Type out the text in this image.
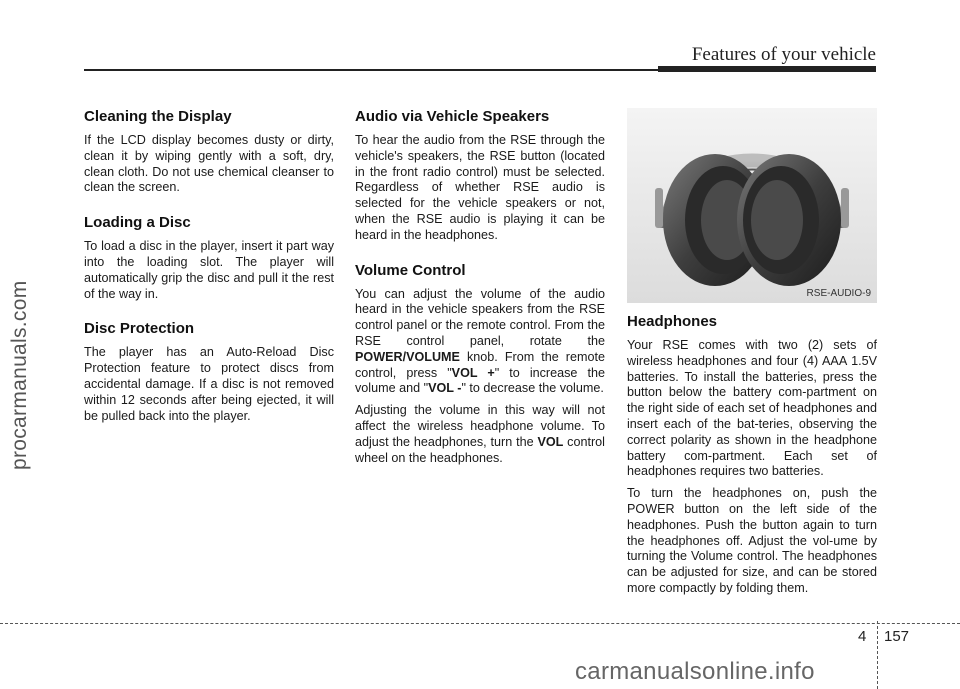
Features of your vehicle
Cleaning the Display

If the LCD display becomes dusty or dirty, clean it by wiping gently with a soft, dry, clean cloth. Do not use chemical cleanser to clean the screen.

Loading a Disc

To load a disc in the player, insert it part way into the loading slot. The player will automatically grip the disc and pull it the rest of the way in.

Disc Protection

The player has an Auto-Reload Disc Protection feature to protect discs from accidental damage. If a disc is not removed within 12 seconds after being ejected, it will be pulled back into the player.

Audio via Vehicle Speakers

To hear the audio from the RSE through the vehicle's speakers, the RSE button (located in the front radio control) must be selected. Regardless of whether RSE audio is selected for the vehicle speakers or not, when the RSE audio is playing it can be heard in the headphones.

Volume Control

You can adjust the volume of the audio heard in the vehicle speakers from the RSE control panel or the remote control. From the RSE control panel, rotate the POWER/VOLUME knob. From the remote control, press "VOL +" to increase the volume and "VOL -" to decrease the volume.

Adjusting the volume in this way will not affect the wireless headphone volume. To adjust the headphones, turn the VOL control wheel on the headphones.

RSE-AUDIO-9
Headphones

Your RSE comes with two (2) sets of wireless headphones and four (4) AAA 1.5V batteries. To install the batteries, press the button below the battery com-partment on the right side of each set of headphones and insert each of the bat-teries, observing the correct polarity as shown in the headphone battery com-partment. Each set of headphones requires two batteries.

To turn the headphones on, push the POWER button on the left side of the headphones. Push the button again to turn the headphones off. Adjust the vol-ume by turning the Volume control. The headphones can be adjusted for size, and can be stored more compactly by folding them.

4 157
procarmanuals.com
carmanualsonline.info
